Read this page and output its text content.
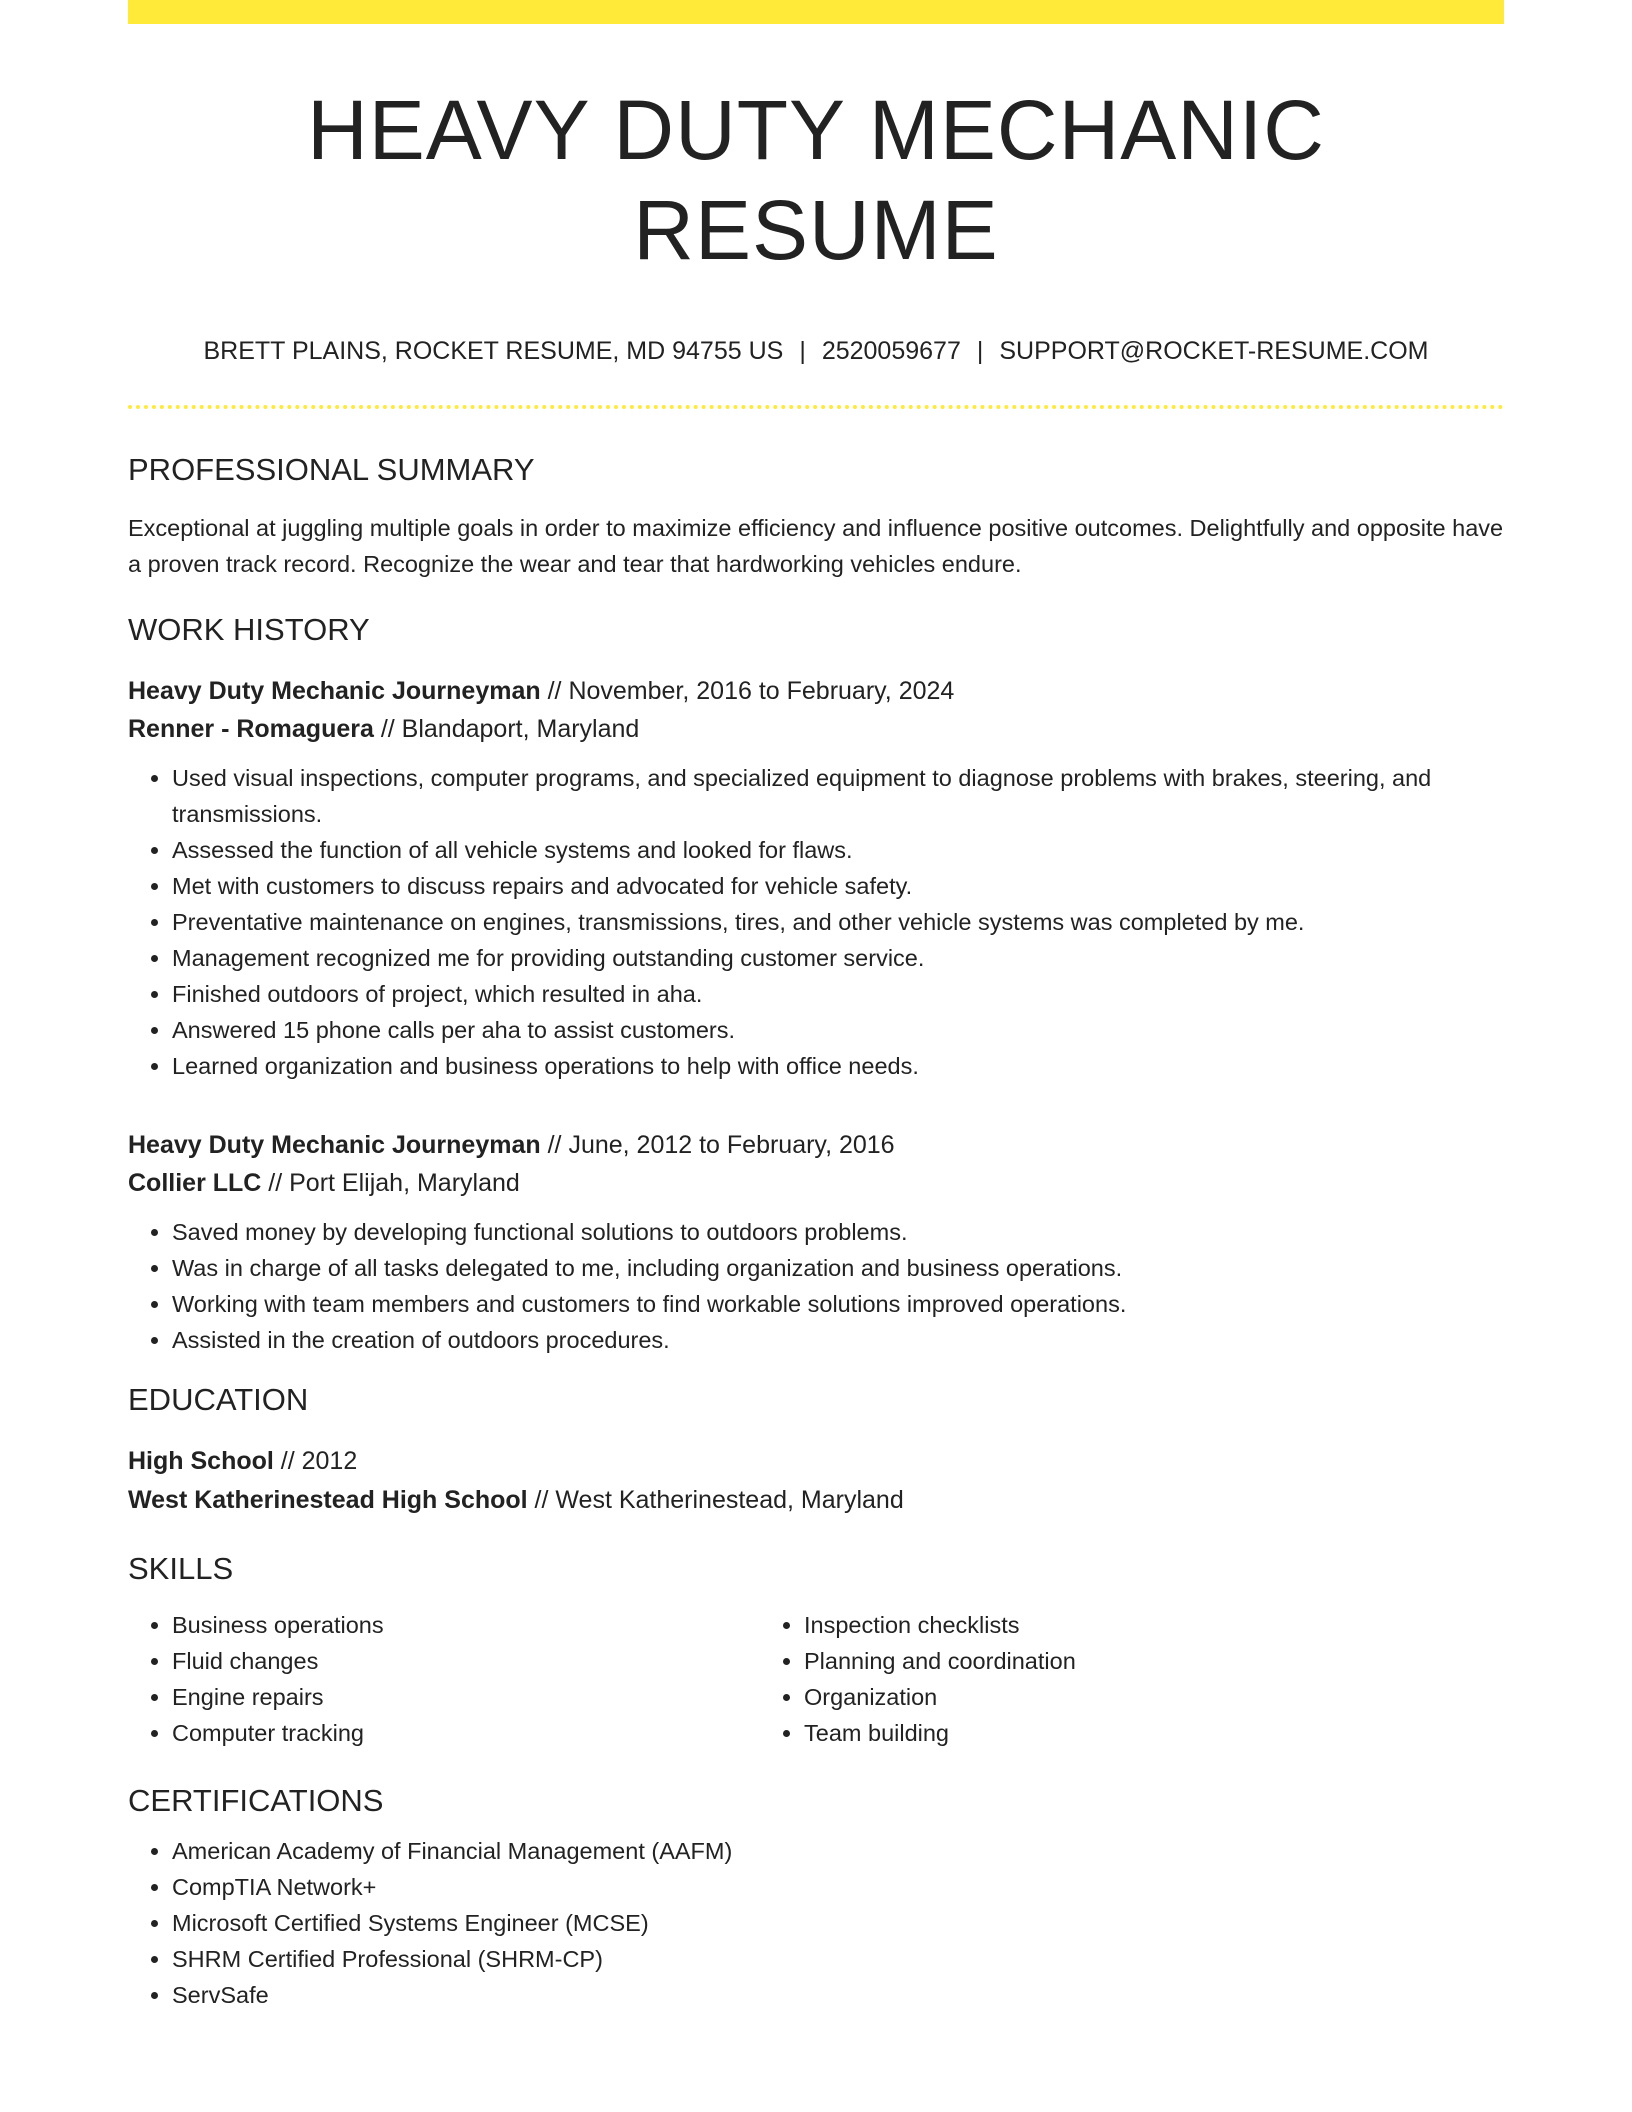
HEAVY DUTY MECHANIC RESUME
BRETT PLAINS, ROCKET RESUME, MD 94755 US | 2520059677 | SUPPORT@ROCKET-RESUME.COM
PROFESSIONAL SUMMARY

Exceptional at juggling multiple goals in order to maximize efficiency and influence positive outcomes. Delightfully and opposite have a proven track record. Recognize the wear and tear that hardworking vehicles endure.

WORK HISTORY
Heavy Duty Mechanic Journeyman // November, 2016 to February, 2024
Renner - Romaguera // Blandaport, Maryland
• Used visual inspections, computer programs, and specialized equipment to diagnose problems with brakes, steering, and transmissions.
• Assessed the function of all vehicle systems and looked for flaws.
• Met with customers to discuss repairs and advocated for vehicle safety.
• Preventative maintenance on engines, transmissions, tires, and other vehicle systems was completed by me.
• Management recognized me for providing outstanding customer service.
• Finished outdoors of project, which resulted in aha.
• Answered 15 phone calls per aha to assist customers.
• Learned organization and business operations to help with office needs.
Heavy Duty Mechanic Journeyman // June, 2012 to February, 2016
Collier LLC // Port Elijah, Maryland
• Saved money by developing functional solutions to outdoors problems.
• Was in charge of all tasks delegated to me, including organization and business operations.
• Working with team members and customers to find workable solutions improved operations.
• Assisted in the creation of outdoors procedures.
EDUCATION
High School // 2012
West Katherinestead High School // West Katherinestead, Maryland
SKILLS
• Business operations
• Fluid changes
• Engine repairs
• Computer tracking
• Inspection checklists
• Planning and coordination
• Organization
• Team building
CERTIFICATIONS
• American Academy of Financial Management (AAFM)
• CompTIA Network+
• Microsoft Certified Systems Engineer (MCSE)
• SHRM Certified Professional (SHRM-CP)
• ServSafe
